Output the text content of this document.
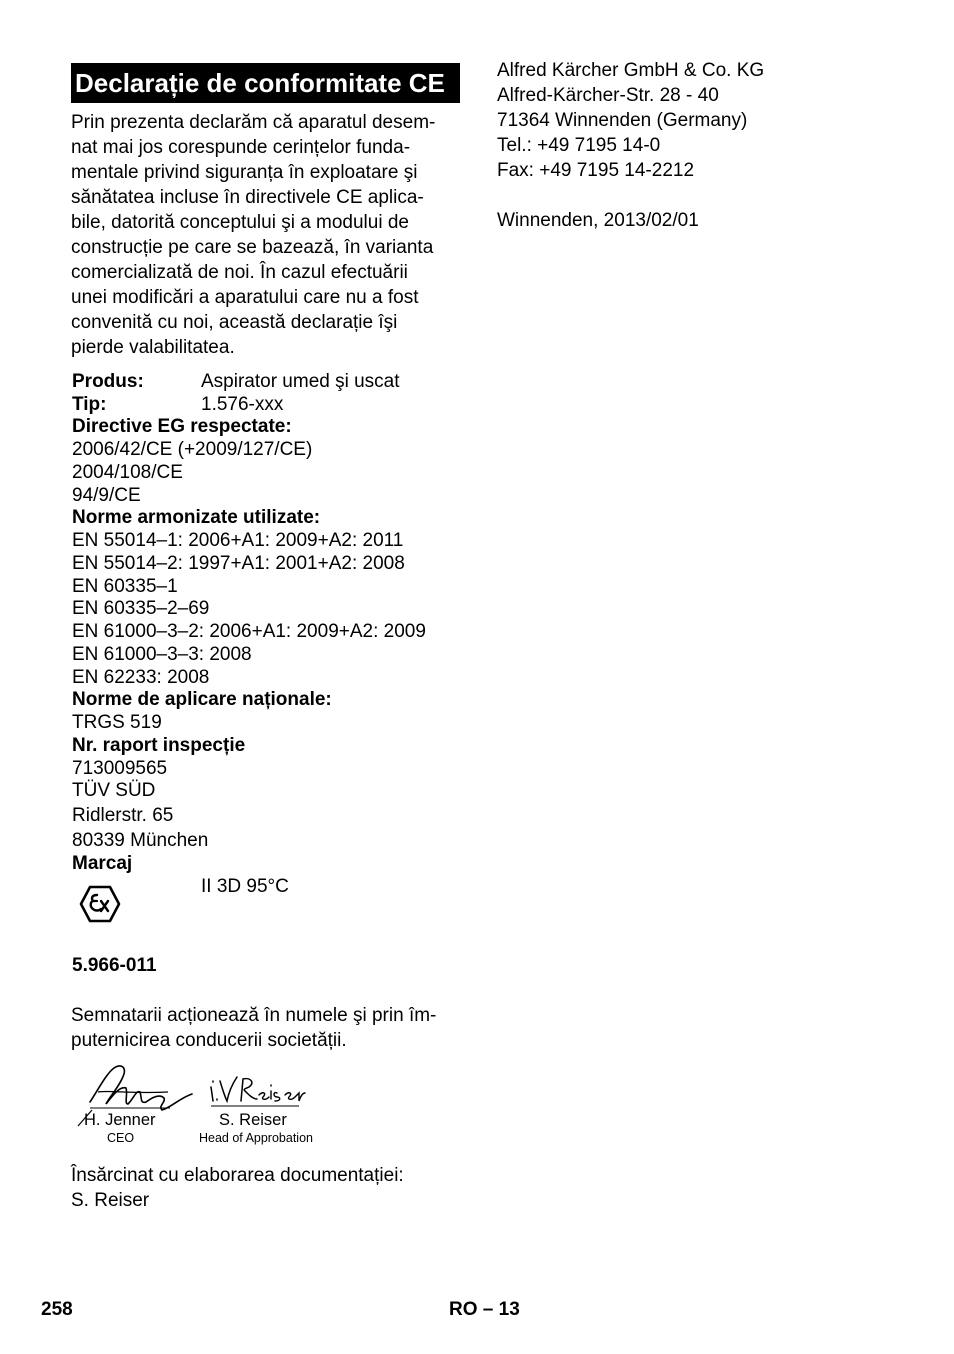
Declarație de conformitate CE
Prin prezenta declarăm că aparatul desem-
nat mai jos corespunde cerințelor funda-
mentale privind siguranța în exploatare şi
sănătatea incluse în directivele CE aplica-
bile, datorită conceptului şi a modului de
construcție pe care se bazează, în varianta
comercializată de noi. În cazul efectuării
unei modificări a aparatului care nu a fost
convenită cu noi, această declarație îşi
pierde valabilitatea.
Produs:	Aspirator umed şi uscat
Tip:	1.576-xxx
Directive EG respectate:
2006/42/CE (+2009/127/CE)
2004/108/CE
94/9/CE
Norme armonizate utilizate:
EN 55014–1: 2006+A1: 2009+A2: 2011
EN 55014–2: 1997+A1: 2001+A2: 2008
EN 60335–1
EN 60335–2–69
EN 61000–3–2: 2006+A1: 2009+A2: 2009
EN 61000–3–3: 2008
EN 62233: 2008
Norme de aplicare naționale:
TRGS 519
Nr. raport inspecție
713009565
TÜV SÜD
Ridlerstr. 65
80339 München
Marcaj
II 3D 95°C
5.966-011
Semnatarii acționează în numele şi prin îm-
puternicirea conducerii societății.
H. Jenner	S. Reiser
CEO	Head of Approbation
Însărcinat cu elaborarea documentației:
S. Reiser
Alfred Kärcher GmbH & Co. KG
Alfred-Kärcher-Str. 28 - 40
71364 Winnenden (Germany)
Tel.: +49 7195 14-0
Fax: +49 7195 14-2212
Winnenden, 2013/02/01
258	RO – 13
